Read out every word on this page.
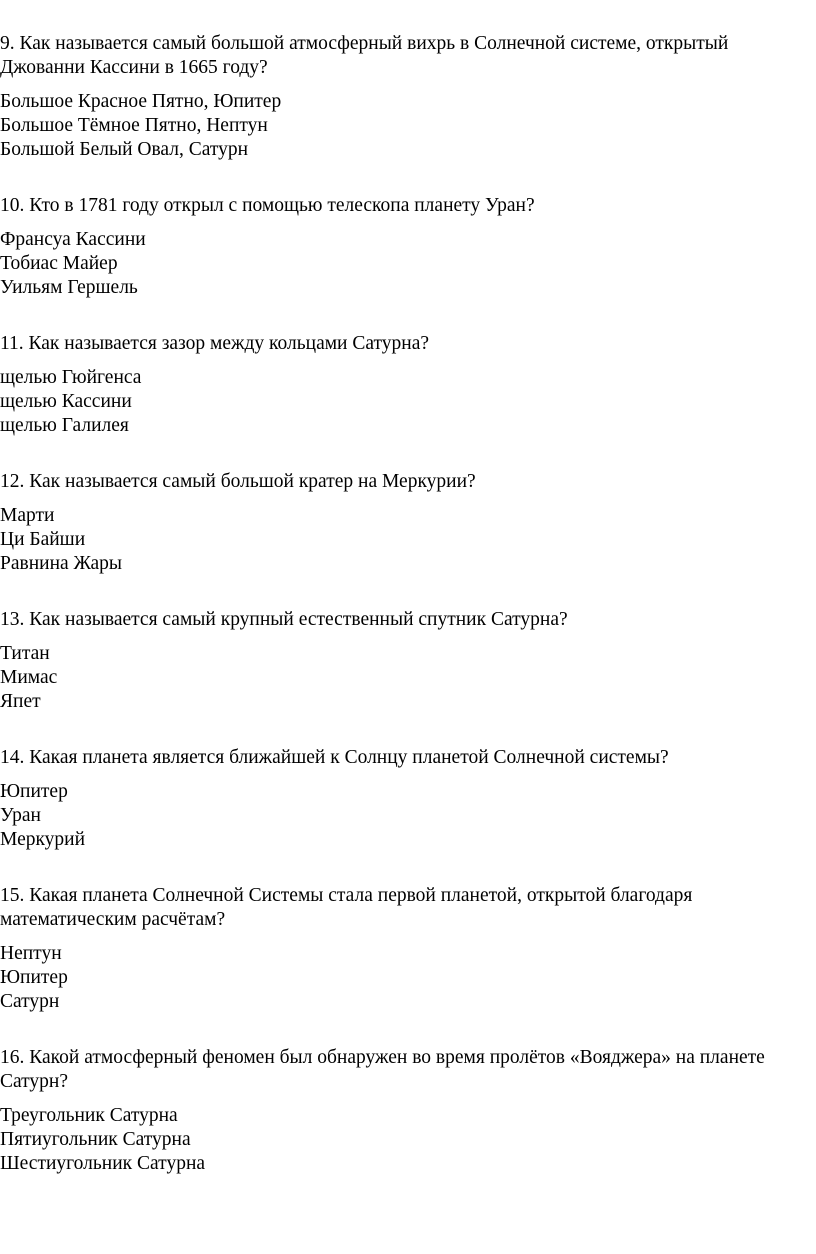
9. Как называется самый большой атмосферный вихрь в Солнечной системе, открытый Джованни Кассини в 1665 году?

Большое Красное Пятно, Юпитер
Большое Тёмное Пятно, Нептун
Большой Белый Овал, Сатурн

10. Кто в 1781 году открыл с помощью телескопа планету Уран?

Франсуа Кассини
Тобиас Майер
Уильям Гершель

11. Как называется зазор между кольцами Сатурна?

щелью Гюйгенса
щелью Кассини
щелью Галилея

12. Как называется самый большой кратер на Меркурии?

Марти
Ци Байши
Равнина Жары

13. Как называется самый крупный естественный спутник Сатурна?

Титан
Мимас
Япет

14. Какая планета является ближайшей к Солнцу планетой Солнечной системы?

Юпитер
Уран
Меркурий

15. Какая планета Солнечной Системы стала первой планетой, открытой благодаря математическим расчётам?

Нептун
Юпитер
Сатурн

16. Какой атмосферный феномен был обнаружен во время пролётов «Вояджера» на планете Сатурн?

Треугольник Сатурна
Пятиугольник Сатурна
Шестиугольник Сатурна
